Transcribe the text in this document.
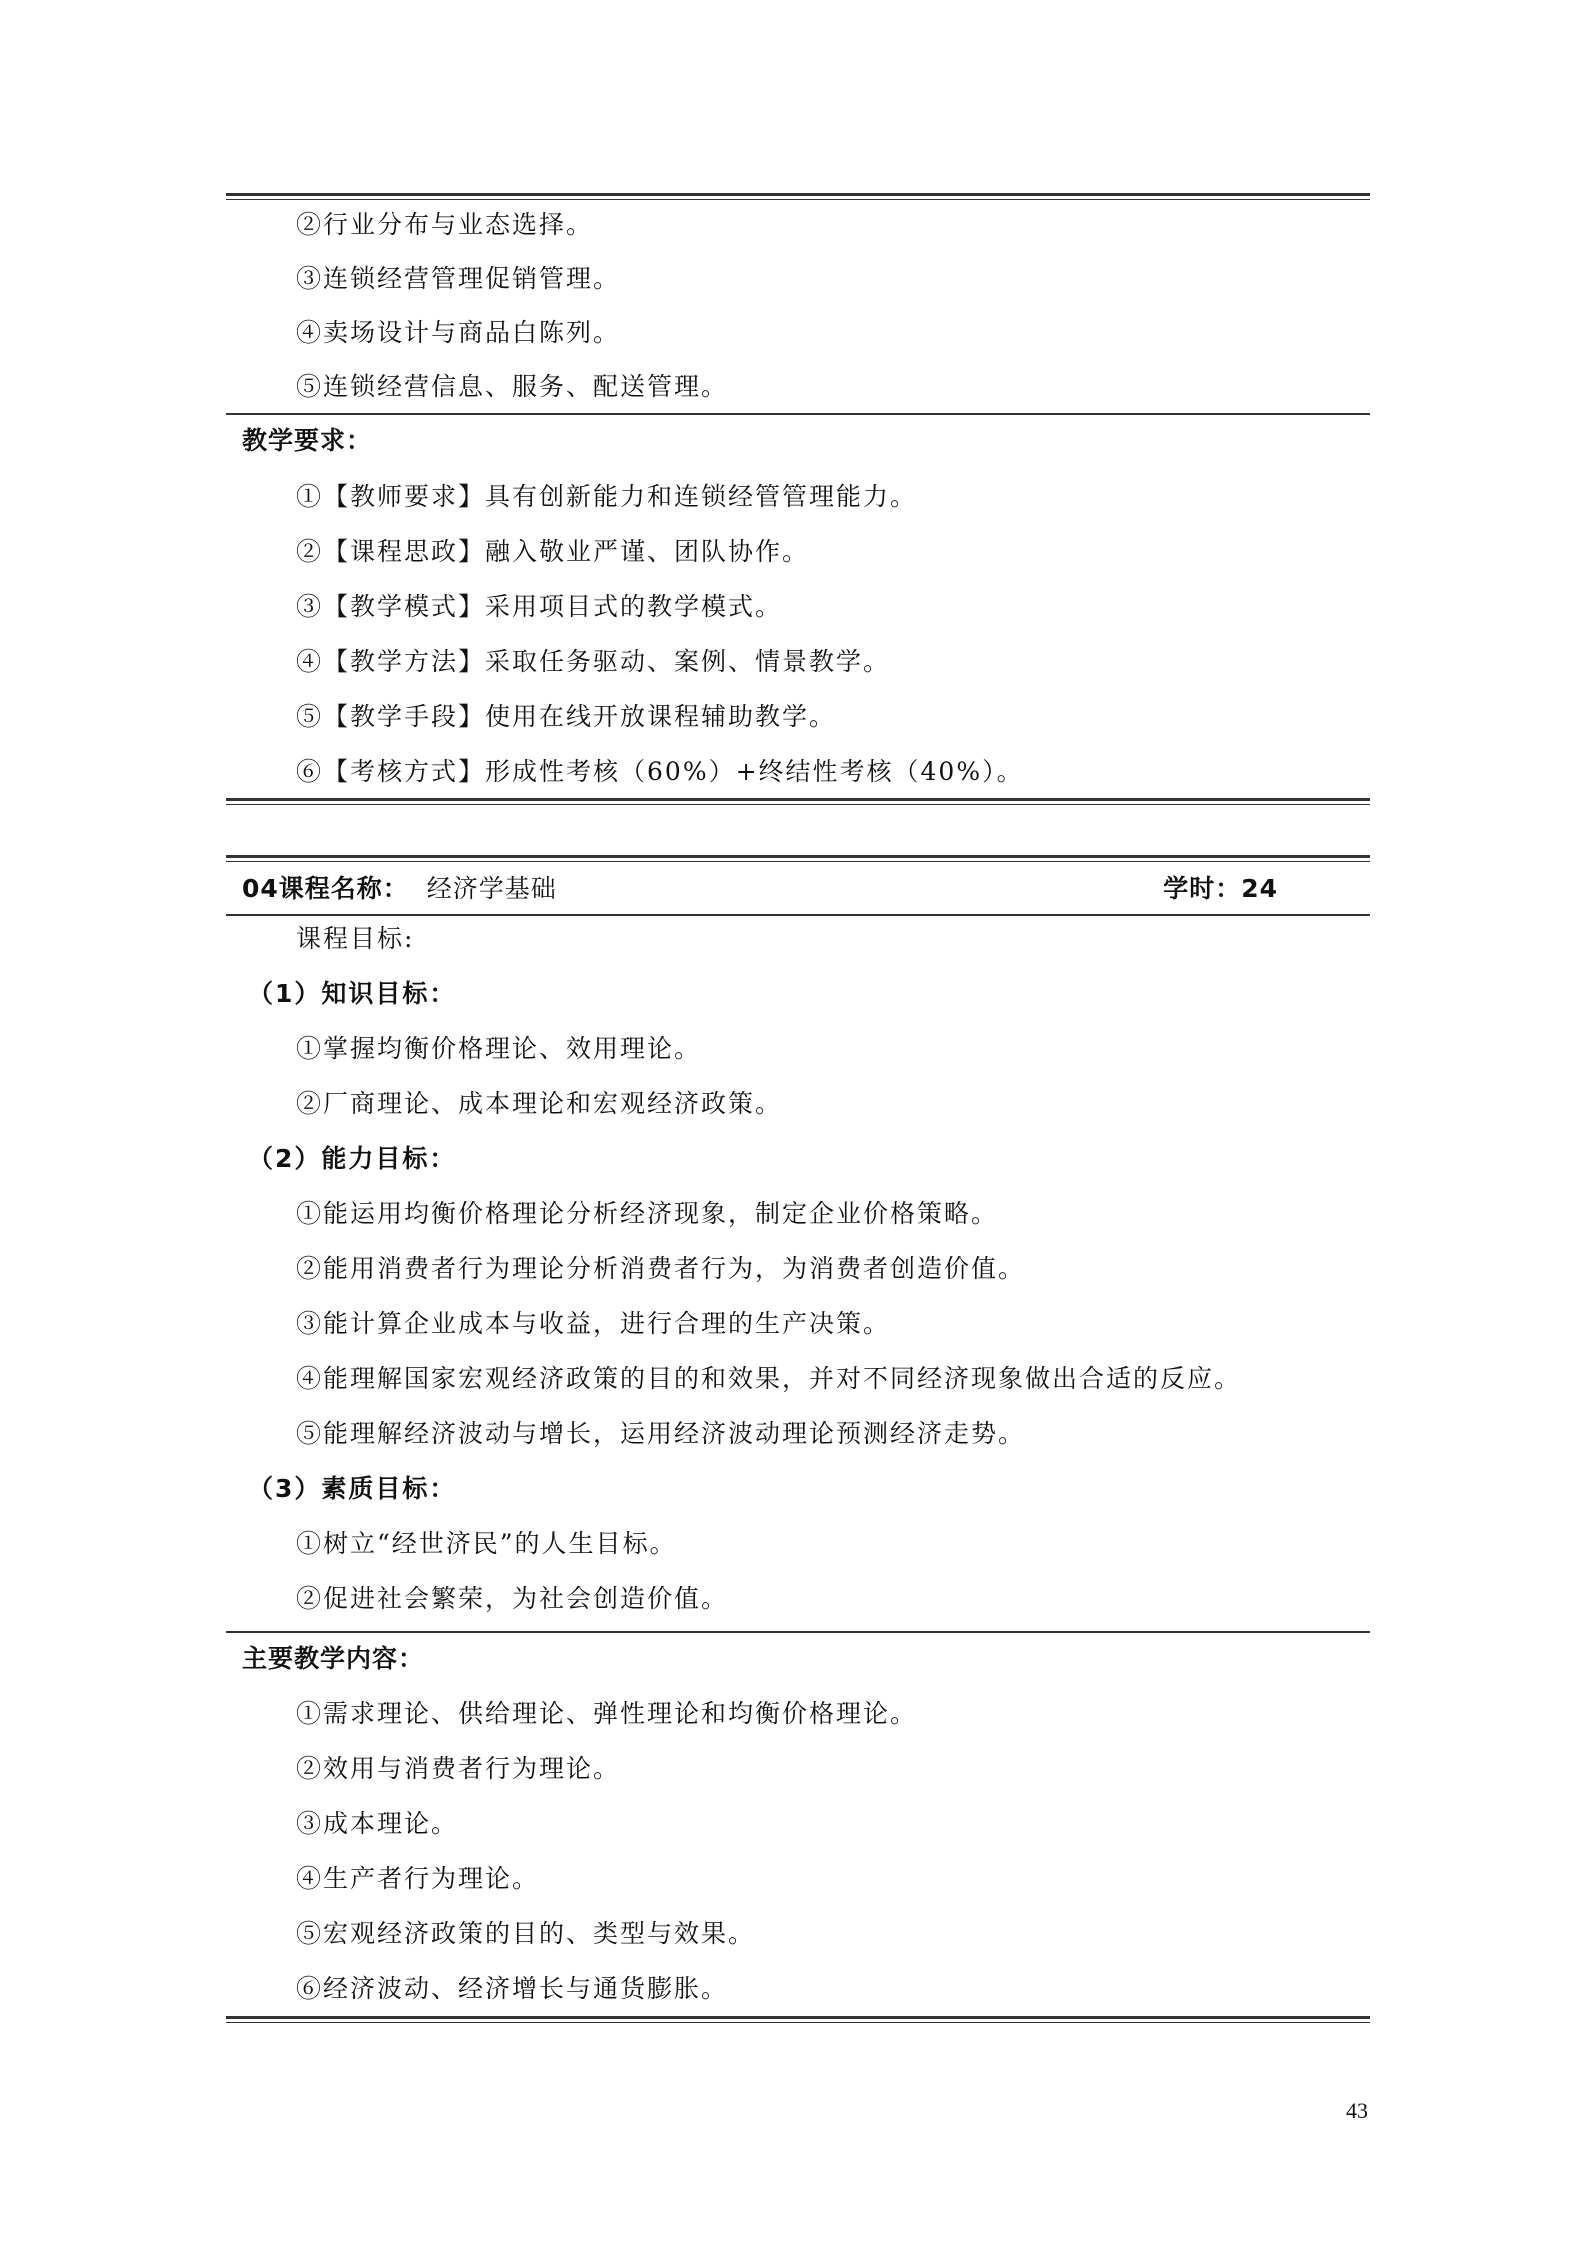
②行业分布与业态选择。
③连锁经营管理促销管理。
④卖场设计与商品白陈列。
⑤连锁经营信息、服务、配送管理。
教学要求：
①【教师要求】具有创新能力和连锁经管管理能力。
②【课程思政】融入敬业严谨、团队协作。
③【教学模式】采用项目式的教学模式。
④【教学方法】采取任务驱动、案例、情景教学。
⑤【教学手段】使用在线开放课程辅助教学。
⑥【考核方式】形成性考核（60%）+终结性考核（40%）。
04课程名称： 经济学基础	学时：24
课程目标:
（1）知识目标：
①掌握均衡价格理论、效用理论。
②厂商理论、成本理论和宏观经济政策。
（2）能力目标：
①能运用均衡价格理论分析经济现象，制定企业价格策略。
②能用消费者行为理论分析消费者行为，为消费者创造价值。
③能计算企业成本与收益，进行合理的生产决策。
④能理解国家宏观经济政策的目的和效果，并对不同经济现象做出合适的反应。
⑤能理解经济波动与增长，运用经济波动理论预测经济走势。
（3）素质目标：
①树立“经世济民”的人生目标。
②促进社会繁荣，为社会创造价值。
主要教学内容：
①需求理论、供给理论、弹性理论和均衡价格理论。
②效用与消费者行为理论。
③成本理论。
④生产者行为理论。
⑤宏观经济政策的目的、类型与效果。
⑥经济波动、经济增长与通货膨胀。
43
